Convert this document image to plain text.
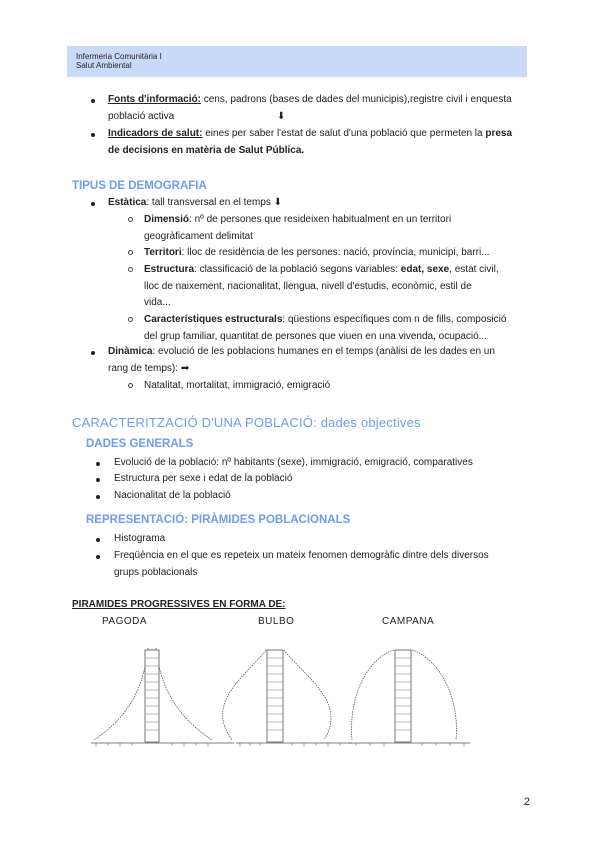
Infermeria Comunitària I
Salut Ambiental
Fonts d'informació: cens, padrons (bases de dades del municipis),registre civil i enquesta
població activa	⬇
Indicadors de salut: eines per saber l'estat de salut d'una població que permeten la presa
de decisions en matèria de Salut Pública.
TIPUS DE DEMOGRAFIA
Estàtica: tall transversal en el temps ⬇
Dimensió: nº de persones que resideixen habitualment en un territori
geogràficament delimitat
Territori: lloc de residència de les persones: nació, província, municipi, barri...
Estructura: classificació de la població segons variables: edat, sexe, estat civil,
lloc de naixement, nacionalitat, llengua, nivell d'estudis, econòmic, estil de
vida...
Característiques estructurals: qüestions específiques com n de fills, composició
del grup familiar, quantitat de persones que viuen en una vivenda, ocupació...
Dinàmica: evolució de les poblacions humanes en el temps (anàlisi de les dades en un
rang de temps): ➡
Natalitat, mortalitat, immigració, emigració
CARACTERITZACIÓ D'UNA POBLACIÓ: dades objectives
DADES GENERALS
Evolució de la població: nº habitants (sexe), immigració, emigració, comparatives
Estructura per sexe i edat de la població
Nacionalitat de la població
REPRESENTACIÓ: PIRÀMIDES POBLACIONALS
Histograma
Freqüència en el que es repeteix un mateix fenomen demogràfic dintre dels diversos
grups poblacionals
PIRAMIDES PROGRESSIVES EN FORMA DE:
PAGODA	BULBO	CAMPANA
2
